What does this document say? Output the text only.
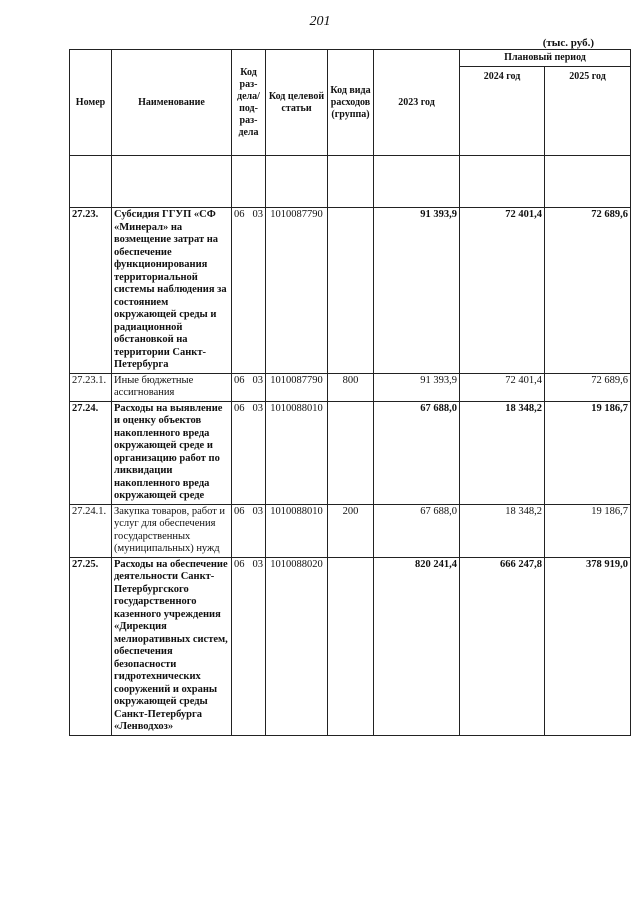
201
(тыс. руб.)
Номер	Наименование	Код раз-дела/ под-раз-дела	Код целевой статьи	Код вида расходов (группа)	2023 год	Плановый период	
						2024 год	2025 год

27.23.	Субсидия ГГУП «СФ «Минерал» на возмещение затрат на обеспечение функционирования территориальной системы наблюдения за состоянием окружающей среды и радиационной обстановкой на территории Санкт-Петербурга	06 03	1010087790		91 393,9	72 401,4	72 689,6
27.23.1.	Иные бюджетные ассигнования	06 03	1010087790	800	91 393,9	72 401,4	72 689,6
27.24.	Расходы на выявление и оценку объектов накопленного вреда окружающей среде и организацию работ по ликвидации накопленного вреда окружающей среде	06 03	1010088010		67 688,0	18 348,2	19 186,7
27.24.1.	Закупка товаров, работ и услуг для обеспечения государственных (муниципальных) нужд	06 03	1010088010	200	67 688,0	18 348,2	19 186,7
27.25.	Расходы на обеспечение деятельности Санкт-Петербургского государственного казенного учреждения «Дирекция мелиоративных систем, обеспечения безопасности гидротехнических сооружений и охраны окружающей среды Санкт-Петербурга «Ленводхоз»	06 03	1010088020		820 241,4	666 247,8	378 919,0
